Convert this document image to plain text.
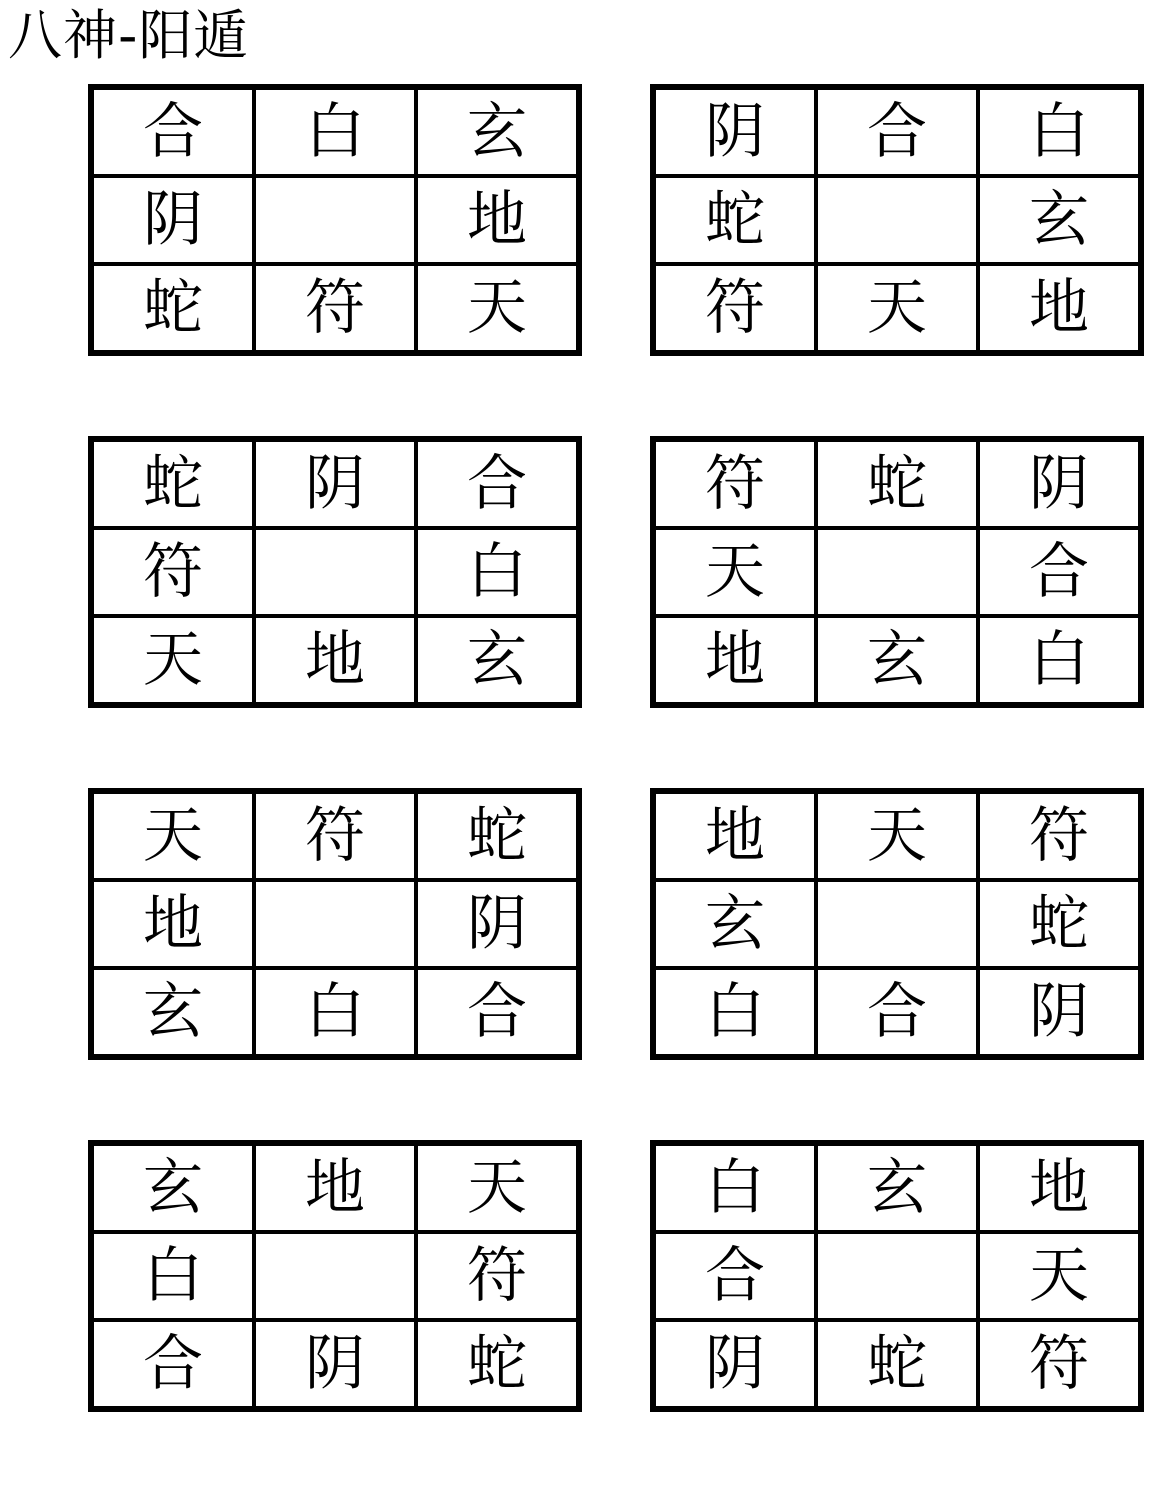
八神-阳遁
合	白	玄
阴		地
蛇	符	天
阴	合	白
蛇		玄
符	天	地
蛇	阴	合
符		白
天	地	玄
符	蛇	阴
天		合
地	玄	白
天	符	蛇
地		阴
玄	白	合
地	天	符
玄		蛇
白	合	阴
玄	地	天
白		符
合	阴	蛇
白	玄	地
合		天
阴	蛇	符
